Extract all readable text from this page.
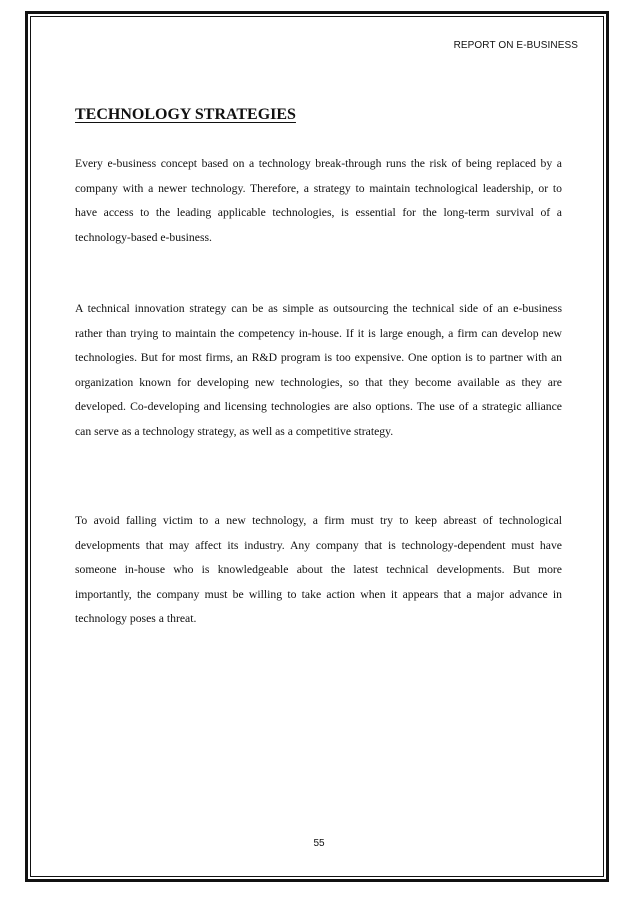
REPORT ON E-BUSINESS
TECHNOLOGY STRATEGIES

Every e-business concept based on a technology break-through runs the risk of being replaced by a company with a newer technology. Therefore, a strategy to maintain technological leadership, or to have access to the leading applicable technologies, is essential for the long-term survival of a technology-based e-business.

A technical innovation strategy can be as simple as outsourcing the technical side of an e-business rather than trying to maintain the competency in-house. If it is large enough, a firm can develop new technologies. But for most firms, an R&D program is too expensive. One option is to partner with an organization known for developing new technologies, so that they become available as they are developed. Co-developing and licensing technologies are also options. The use of a strategic alliance can serve as a technology strategy, as well as a competitive strategy.

To avoid falling victim to a new technology, a firm must try to keep abreast of technological developments that may affect its industry. Any company that is technology-dependent must have someone in-house who is knowledgeable about the latest technical developments. But more importantly, the company must be willing to take action when it appears that a major advance in technology poses a threat.

55
